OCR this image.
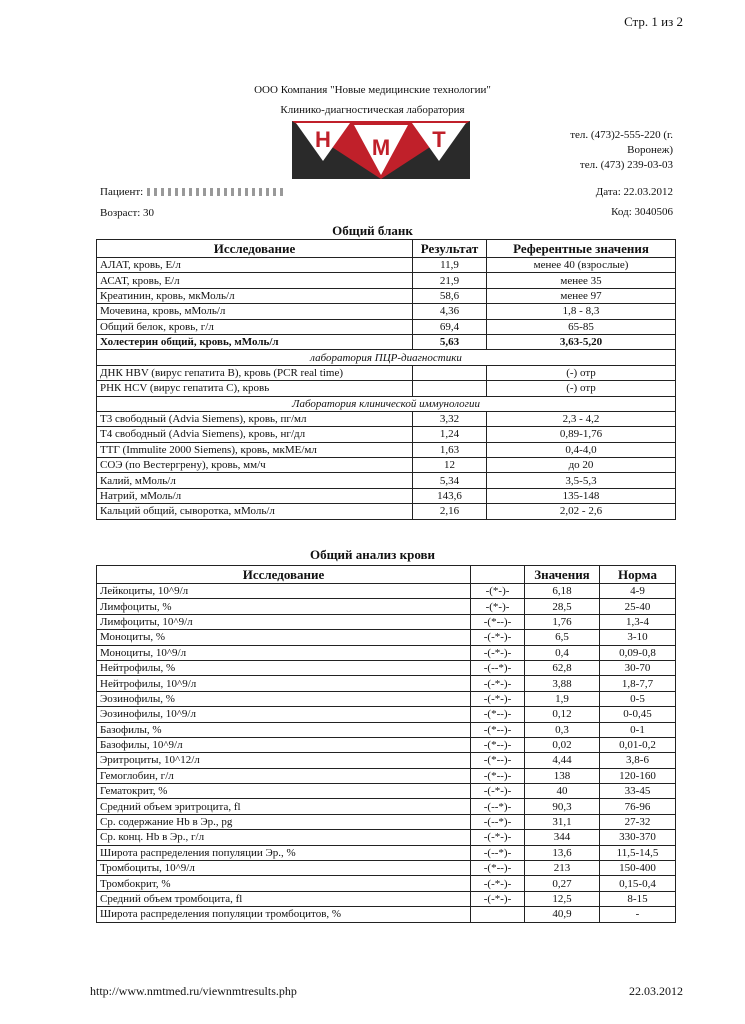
Стр. 1 из 2
ООО Компания "Новые медицинские технологии"
Клинико-диагностическая лаборатория
Н М Т	тел. (473)2-555-220 (г.
Воронеж)
тел. (473) 239-03-03
Пациент:
Возраст: 30
Дата: 22.03.2012
Код: 3040506
Общий бланк
Исследование	Результат	Референтные значения
АЛАТ, кровь, Е/л	11,9	менее 40 (взрослые)
АСАТ, кровь, Е/л	21,9	менее 35
Креатинин, кровь, мкМоль/л	58,6	менее 97
Мочевина, кровь, мМоль/л	4,36	1,8 - 8,3
Общий белок, кровь, г/л	69,4	65-85
Холестерин общий, кровь, мМоль/л	5,63	3,63-5,20
лаборатория ПЦР-диагностики		
ДНК HBV (вирус гепатита B), кровь (PCR real time)		(-) отр
РНК HCV (вирус гепатита C), кровь		(-) отр
Лаборатория клинической иммунологии		
Т3 свободный (Advia Siemens), кровь, пг/мл	3,32	2,3 - 4,2
Т4 свободный (Advia Siemens), кровь, нг/дл	1,24	0,89-1,76
ТТГ (Immulite 2000 Siemens), кровь, мкМЕ/мл	1,63	0,4-4,0
СОЭ (по Вестергрену), кровь, мм/ч	12	до 20
Калий, мМоль/л	5,34	3,5-5,3
Натрий, мМоль/л	143,6	135-148
Кальций общий, сыворотка, мМоль/л	2,16	2,02 - 2,6
Общий анализ крови
Исследование		Значения	Норма
Лейкоциты, 10^9/л	-(*-)-	6,18	4-9
Лимфоциты, %	-(*-)-	28,5	25-40
Лимфоциты, 10^9/л	-(*--)-	1,76	1,3-4
Моноциты, %	-(-*-)-	6,5	3-10
Моноциты, 10^9/л	-(-*-)-	0,4	0,09-0,8
Нейтрофилы, %	-(--*)-	62,8	30-70
Нейтрофилы, 10^9/л	-(-*-)-	3,88	1,8-7,7
Эозинофилы, %	-(-*-)-	1,9	0-5
Эозинофилы, 10^9/л	-(*--)-	0,12	0-0,45
Базофилы, %	-(*--)-	0,3	0-1
Базофилы, 10^9/л	-(*--)-	0,02	0,01-0,2
Эритроциты, 10^12/л	-(*--)-	4,44	3,8-6
Гемоглобин, г/л	-(*--)-	138	120-160
Гематокрит, %	-(-*-)-	40	33-45
Средний объем эритроцита, fl	-(--*)-	90,3	76-96
Ср. содержание Hb в Эр., pg	-(--*)-	31,1	27-32
Ср. конц. Hb в Эр., г/л	-(-*-)-	344	330-370
Широта распределения популяции Эр., %	-(--*)-	13,6	11,5-14,5
Тромбоциты, 10^9/л	-(*--)-	213	150-400
Тромбокрит, %	-(-*-)-	0,27	0,15-0,4
Средний объем тромбоцита, fl	-(-*-)-	12,5	8-15
Широта распределения популяции тромбоцитов, %		40,9	-
http://www.nmtmed.ru/viewnmtresults.php	22.03.2012
